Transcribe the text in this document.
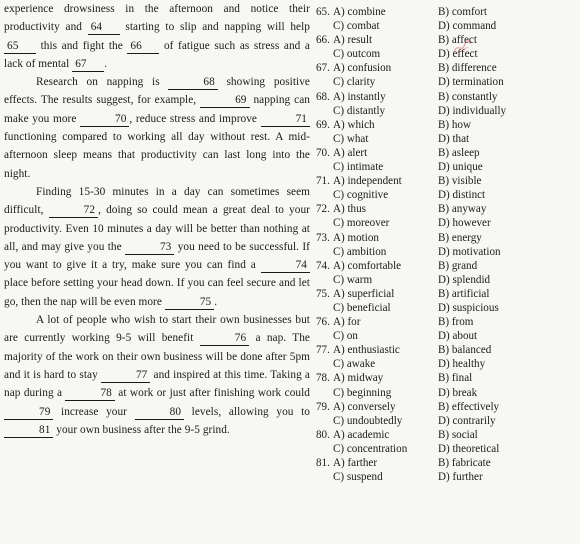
experience drowsiness in the afternoon and notice their productivity and 64 starting to slip and napping will help 65 this and fight the 66 of fatigue such as stress and a lack of mental 67 .

Research on napping is	68 showing positive effects. The results suggest, for example,	69 napping can make you more	70 , reduce stress and improve	71 functioning compared to working all day without rest. A mid-afternoon sleep means that productivity can last long into the night.

Finding 15-30 minutes in a day can sometimes seem difficult,	72 , doing so could mean a great deal to your productivity. Even 10 minutes a day will be better than nothing at all, and may give you the	73 you need to be successful. If you want to give it a try, make sure you can find a	74 place before setting your head down. If you can feel secure and let go, then the nap will be even more	75 .

A lot of people who wish to start their own businesses but are currently working 9-5 will benefit	76 a nap. The majority of the work on their own business will be done after 5pm and it is hard to stay	77 and inspired at this time. Taking a nap during a	78 at work or just after finishing work could 79 increase your	80 levels, allowing you to 81 your own business after the 9-5 grind.

65. A) combine	B) comfort
C) combat	D) command
66. A) result	B) affect
C) outcom	D) effect
67. A) confusion	B) difference
C) clarity	D) termination
68. A) instantly	B) constantly
C) distantly	D) individually
69. A) which	B) how
C) what	D) that
70. A) alert	B) asleep
C) intimate	D) unique
71. A) independent	B) visible
C) cognitive	D) distinct
72. A) thus	B) anyway
C) moreover	D) however
73. A) motion	B) energy
C) ambition	D) motivation
74. A) comfortable	B) grand
C) warm	D) splendid
75. A) superficial	B) artificial
C) beneficial	D) suspicious
76. A) for	B) from
C) on	D) about
77. A) enthusiastic	B) balanced
C) awake	D) healthy
78. A) midway	B) final
C) beginning	D) break
79. A) conversely	B) effectively
C) undoubtedly	D) contrarily
80. A) academic	B) social
C) concentration	D) theoretical
81. A) farther	B) fabricate
C) suspend	D) further
